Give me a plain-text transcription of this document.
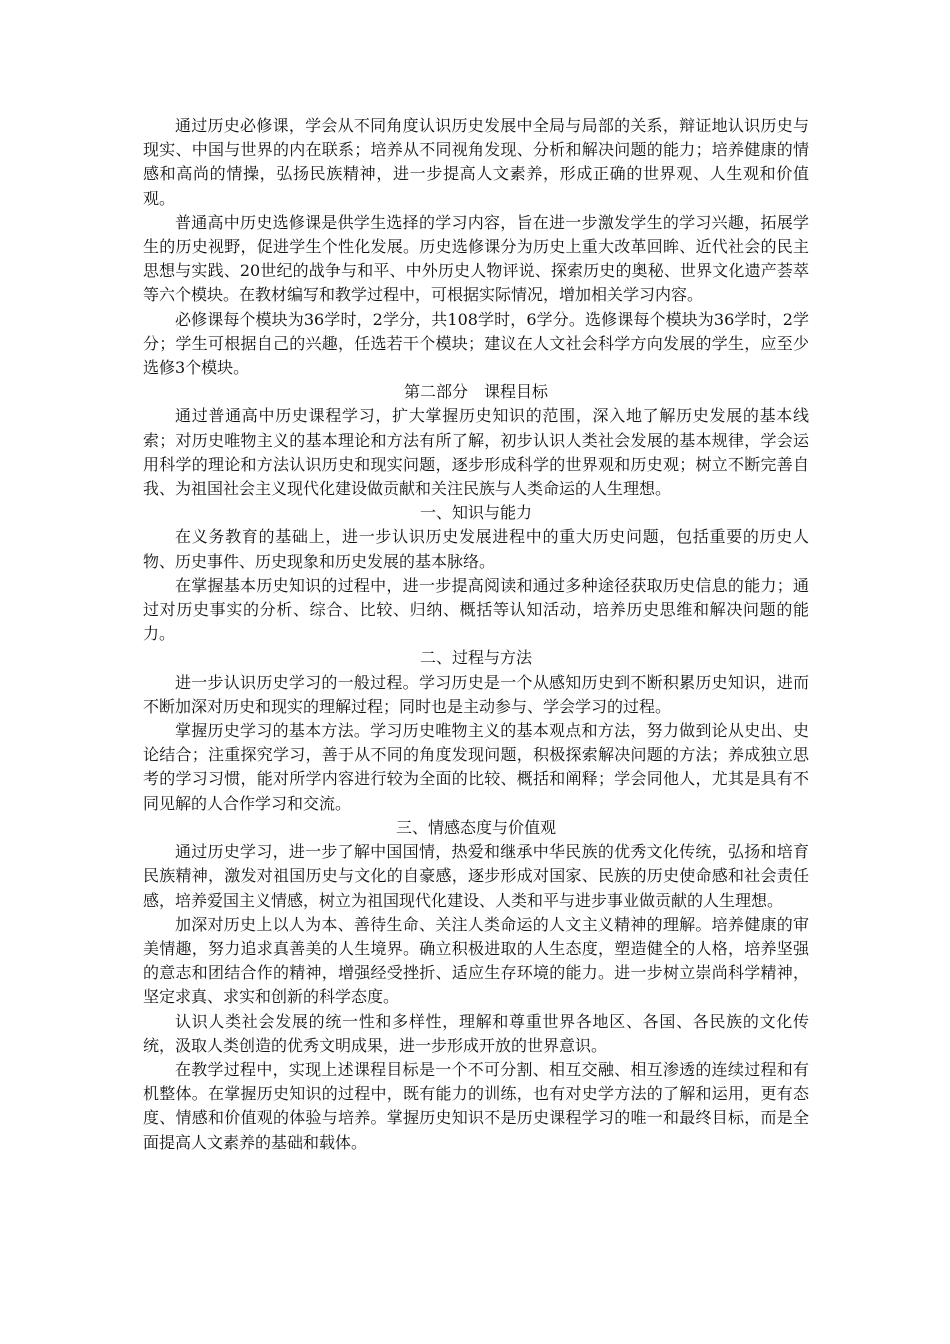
通过历史必修课，学会从不同角度认识历史发展中全局与局部的关系，辩证地认识历史与现实、中国与世界的内在联系；培养从不同视角发现、分析和解决问题的能力；培养健康的情感和高尚的情操，弘扬民族精神，进一步提高人文素养，形成正确的世界观、人生观和价值观。

普通高中历史选修课是供学生选择的学习内容，旨在进一步激发学生的学习兴趣，拓展学生的历史视野，促进学生个性化发展。历史选修课分为历史上重大改革回眸、近代社会的民主思想与实践、20世纪的战争与和平、中外历史人物评说、探索历史的奥秘、世界文化遗产荟萃等六个模块。在教材编写和教学过程中，可根据实际情况，增加相关学习内容。

必修课每个模块为36学时，2学分，共108学时，6学分。选修课每个模块为36学时，2学分；学生可根据自己的兴趣，任选若干个模块；建议在人文社会科学方向发展的学生，应至少选修3个模块。

第二部分　课程目标

通过普通高中历史课程学习，扩大掌握历史知识的范围，深入地了解历史发展的基本线索；对历史唯物主义的基本理论和方法有所了解，初步认识人类社会发展的基本规律，学会运用科学的理论和方法认识历史和现实问题，逐步形成科学的世界观和历史观；树立不断完善自我、为祖国社会主义现代化建设做贡献和关注民族与人类命运的人生理想。

一、知识与能力

在义务教育的基础上，进一步认识历史发展进程中的重大历史问题，包括重要的历史人物、历史事件、历史现象和历史发展的基本脉络。

在掌握基本历史知识的过程中，进一步提高阅读和通过多种途径获取历史信息的能力；通过对历史事实的分析、综合、比较、归纳、概括等认知活动，培养历史思维和解决问题的能力。

二、过程与方法

进一步认识历史学习的一般过程。学习历史是一个从感知历史到不断积累历史知识，进而不断加深对历史和现实的理解过程；同时也是主动参与、学会学习的过程。

掌握历史学习的基本方法。学习历史唯物主义的基本观点和方法，努力做到论从史出、史论结合；注重探究学习，善于从不同的角度发现问题，积极探索解决问题的方法；养成独立思考的学习习惯，能对所学内容进行较为全面的比较、概括和阐释；学会同他人，尤其是具有不同见解的人合作学习和交流。

三、情感态度与价值观

通过历史学习，进一步了解中国国情，热爱和继承中华民族的优秀文化传统，弘扬和培育民族精神，激发对祖国历史与文化的自豪感，逐步形成对国家、民族的历史使命感和社会责任感，培养爱国主义情感，树立为祖国现代化建设、人类和平与进步事业做贡献的人生理想。

加深对历史上以人为本、善待生命、关注人类命运的人文主义精神的理解。培养健康的审美情趣，努力追求真善美的人生境界。确立积极进取的人生态度，塑造健全的人格，培养坚强的意志和团结合作的精神，增强经受挫折、适应生存环境的能力。进一步树立崇尚科学精神，坚定求真、求实和创新的科学态度。

认识人类社会发展的统一性和多样性，理解和尊重世界各地区、各国、各民族的文化传统，汲取人类创造的优秀文明成果，进一步形成开放的世界意识。

在教学过程中，实现上述课程目标是一个不可分割、相互交融、相互渗透的连续过程和有机整体。在掌握历史知识的过程中，既有能力的训练，也有对史学方法的了解和运用，更有态度、情感和价值观的体验与培养。掌握历史知识不是历史课程学习的唯一和最终目标，而是全面提高人文素养的基础和载体。
